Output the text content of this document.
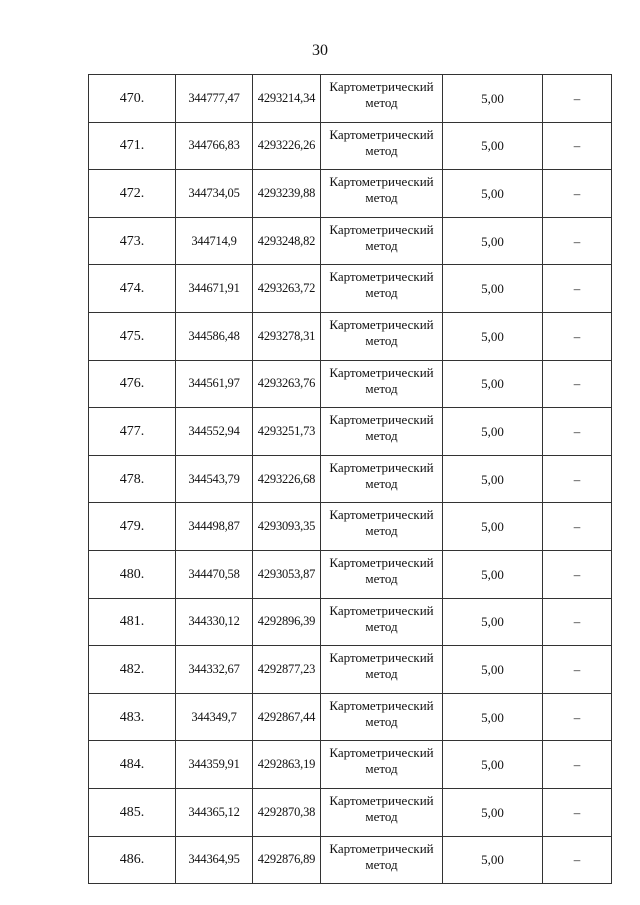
30
470.	344777,47	4293214,34	Картометрический метод	5,00	–
471.	344766,83	4293226,26	Картометрический метод	5,00	–
472.	344734,05	4293239,88	Картометрический метод	5,00	–
473.	344714,9	4293248,82	Картометрический метод	5,00	–
474.	344671,91	4293263,72	Картометрический метод	5,00	–
475.	344586,48	4293278,31	Картометрический метод	5,00	–
476.	344561,97	4293263,76	Картометрический метод	5,00	–
477.	344552,94	4293251,73	Картометрический метод	5,00	–
478.	344543,79	4293226,68	Картометрический метод	5,00	–
479.	344498,87	4293093,35	Картометрический метод	5,00	–
480.	344470,58	4293053,87	Картометрический метод	5,00	–
481.	344330,12	4292896,39	Картометрический метод	5,00	–
482.	344332,67	4292877,23	Картометрический метод	5,00	–
483.	344349,7	4292867,44	Картометрический метод	5,00	–
484.	344359,91	4292863,19	Картометрический метод	5,00	–
485.	344365,12	4292870,38	Картометрический метод	5,00	–
486.	344364,95	4292876,89	Картометрический метод	5,00	–
